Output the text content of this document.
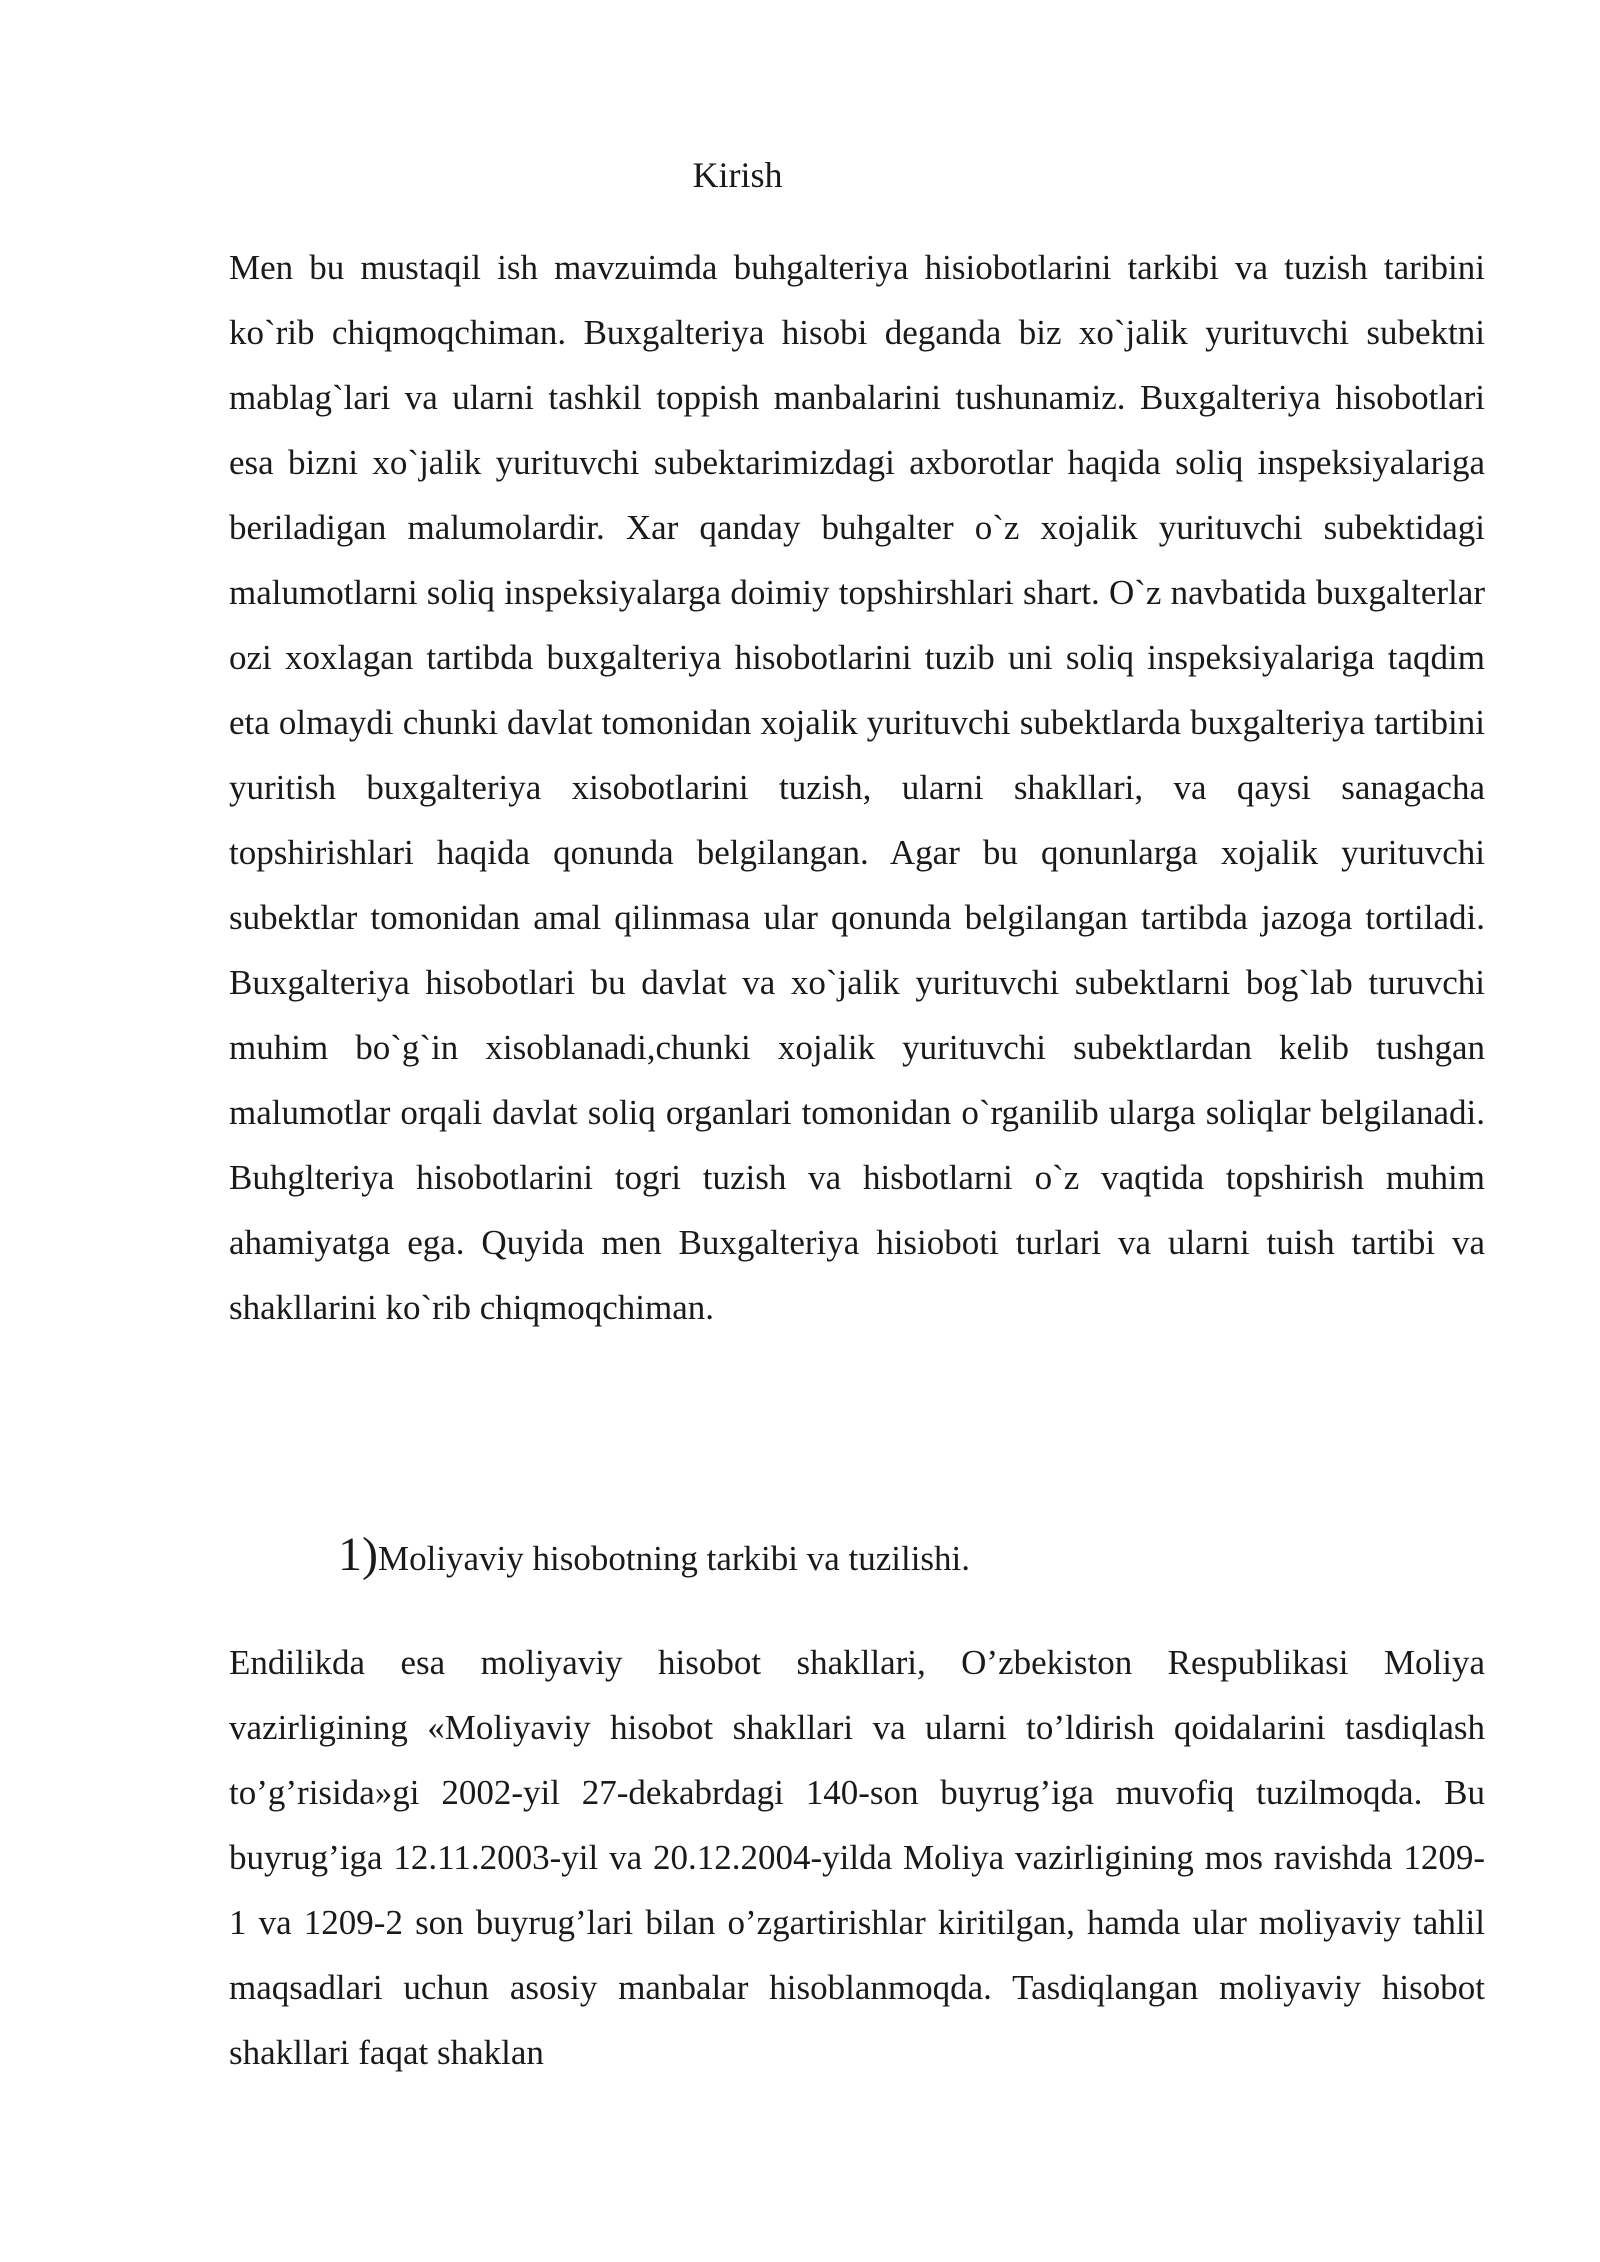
Kirish

Men bu mustaqil ish mavzuimda buhgalteriya hisiobotlarini tarkibi va tuzish taribini ko`rib chiqmoqchiman. Buxgalteriya hisobi deganda biz xo`jalik yurituvchi subektni mablag`lari va ularni tashkil toppish manbalarini tushunamiz. Buxgalteriya hisobotlari esa bizni xo`jalik yurituvchi subektarimizdagi axborotlar haqida soliq inspeksiyalariga beriladigan malumolardir. Xar qanday buhgalter o`z xojalik yurituvchi subektidagi malumotlarni soliq inspeksiyalarga doimiy topshirshlari shart. O`z navbatida buxgalterlar ozi xoxlagan tartibda buxgalteriya hisobotlarini tuzib uni soliq inspeksiyalariga taqdim eta olmaydi chunki davlat tomonidan xojalik yurituvchi subektlarda buxgalteriya tartibini yuritish buxgalteriya xisobotlarini tuzish, ularni shakllari, va qaysi sanagacha topshirishlari haqida qonunda belgilangan. Agar bu qonunlarga xojalik yurituvchi subektlar tomonidan amal qilinmasa ular qonunda belgilangan tartibda jazoga tortiladi. Buxgalteriya hisobotlari bu davlat va xo`jalik yurituvchi subektlarni bog`lab turuvchi muhim bo`g`in xisoblanadi,chunki xojalik yurituvchi subektlardan kelib tushgan malumotlar orqali davlat soliq organlari tomonidan o`rganilib ularga soliqlar belgilanadi. Buhglteriya hisobotlarini togri tuzish va hisbotlarni o`z vaqtida topshirish muhim ahamiyatga ega. Quyida men Buxgalteriya hisioboti turlari va ularni tuish tartibi va shakllarini ko`rib chiqmoqchiman.

1)Moliyaviy hisobotning tarkibi va tuzilishi.

Endilikda esa moliyaviy hisobot shakllari, O’zbekiston Respublikasi Moliya vazirligining «Moliyaviy hisobot shakllari va ularni to’ldirish qoidalarini tasdiqlash to’g’risida»gi 2002-yil 27-dekabrdagi 140-son buyrug’iga muvofiq tuzilmoqda. Bu buyrug’iga 12.11.2003-yil va 20.12.2004-yilda Moliya vazirligining mos ravishda 1209-1 va 1209-2 son buyrug’lari bilan o’zgartirishlar kiritilgan, hamda ular moliyaviy tahlil maqsadlari uchun asosiy manbalar hisoblanmoqda. Tasdiqlangan moliyaviy hisobot shakllari faqat shaklan
